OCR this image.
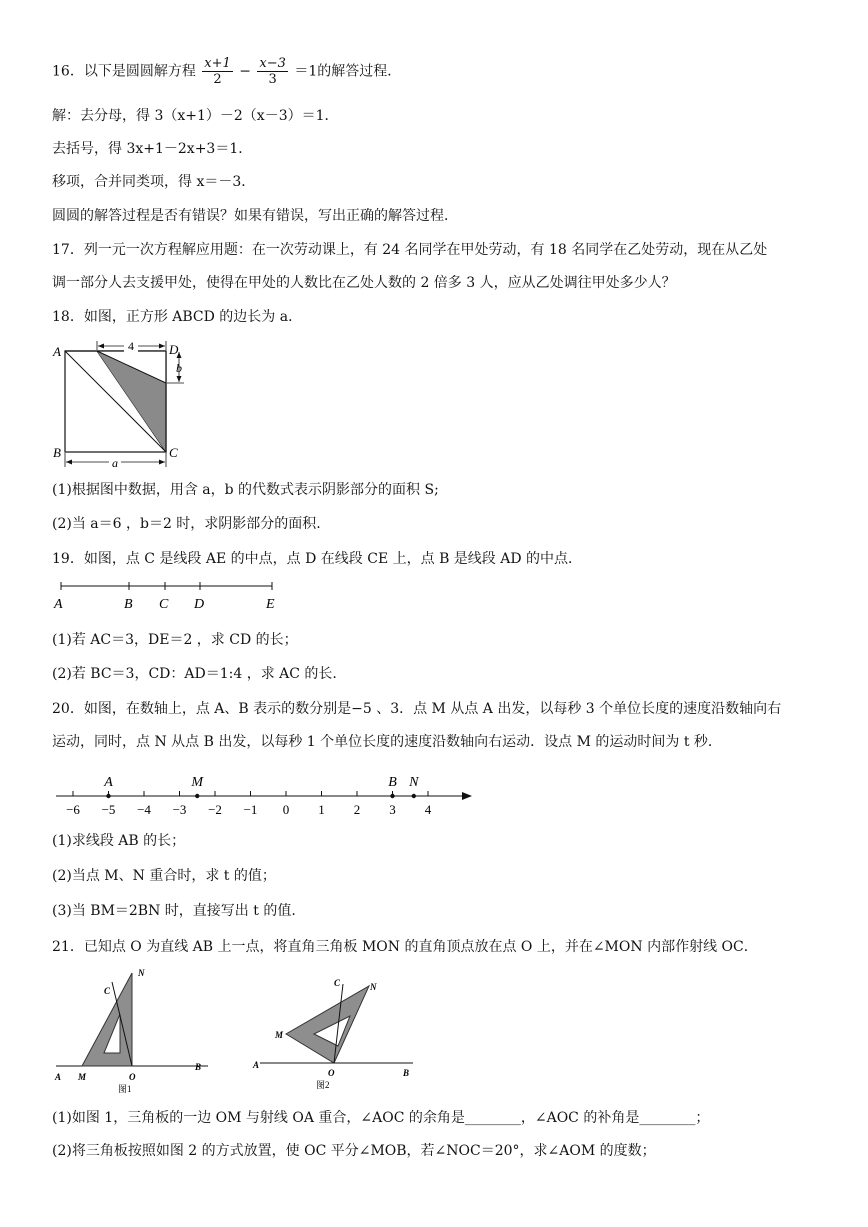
16．以下是圆圆解方程 $\frac{x+1}{2} - \frac{x-3}{3} =1$的解答过程．
解：去分母，得 3（x+1）－2（x－3）＝1．
去括号，得 3x+1－2x+3＝1．
移项，合并同类项，得 x＝－3．
圆圆的解答过程是否有错误？如果有错误，写出正确的解答过程．
17．列一元一次方程解应用题：在一次劳动课上，有 24 名同学在甲处劳动，有 18 名同学在乙处劳动，现在从乙处
调一部分人去支援甲处，使得在甲处的人数比在乙处人数的 2 倍多 3 人，应从乙处调往甲处多少人？
18．如图，正方形 ABCD 的边长为 a．
4
b
a
A	D
B	C
(1)根据图中数据，用含 a，b 的代数式表示阴影部分的面积 S;
(2)当 a＝6 ，b＝2 时，求阴影部分的面积.
19．如图，点 C 是线段 AE 的中点，点 D 在线段 CE 上，点 B 是线段 AD 的中点．
A	B C D	E
(1)若 AC＝3，DE＝2 ，求 CD 的长；
(2)若 BC＝3，CD：AD＝1:4 ，求 AC 的长.
20．如图，在数轴上，点 A、B 表示的数分别是−5 、3．点 M 从点 A 出发，以每秒 3 个单位长度的速度沿数轴向右
运动，同时，点 N 从点 B 出发，以每秒 1 个单位长度的速度沿数轴向右运动．设点 M 的运动时间为 t 秒．
−6 −5 −4 −3 −2 −1 0 1 2 3 4
A	M	B N
(1)求线段 AB 的长；
(2)当点 M、N 重合时，求 t 的值；
(3)当 BM＝2BN 时，直接写出 t 的值.
21．已知点 O 为直线 AB 上一点，将直角三角板 MON 的直角顶点放在点 O 上，并在∠MON 内部作射线 OC．
A M	O
B
C
N
图1
A
M
O	B
C	N
图2
(1)如图 1，三角板的一边 OM 与射线 OA 重合，∠AOC 的余角是________，∠AOC 的补角是________；
(2)将三角板按照如图 2 的方式放置，使 OC 平分∠MOB，若∠NOC＝20°，求∠AOM 的度数；
